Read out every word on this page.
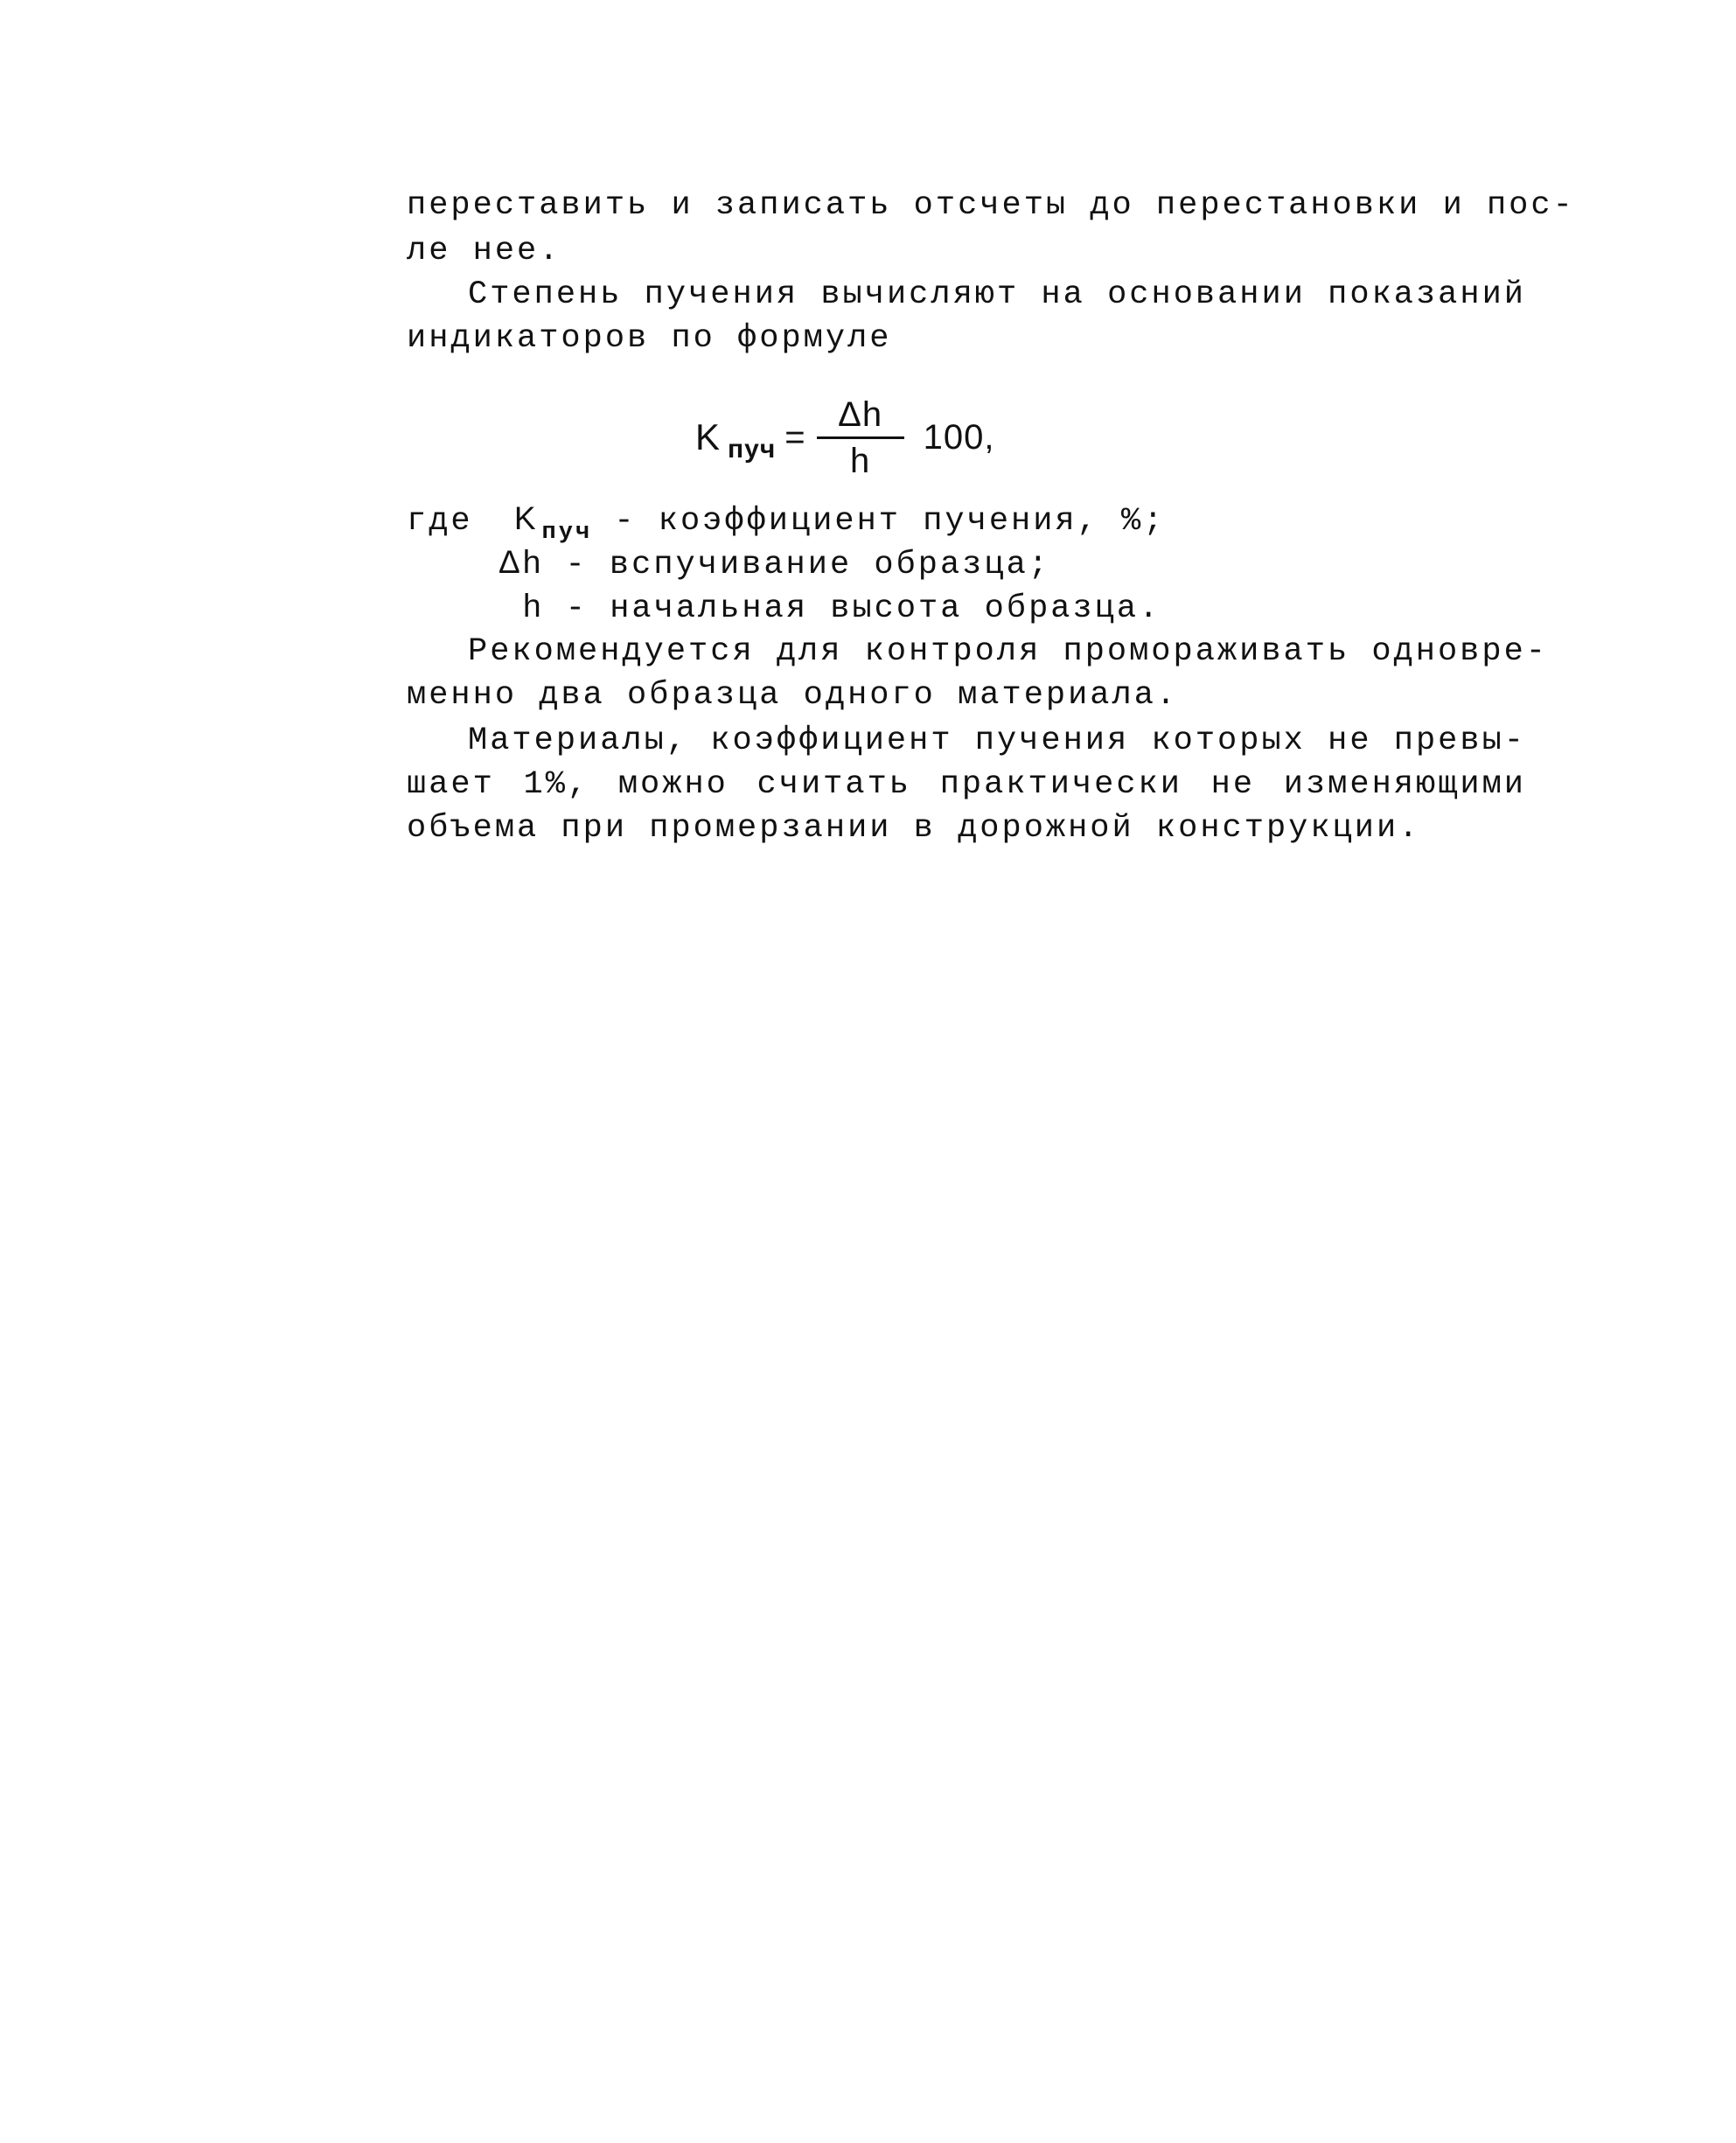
переставить и записать отсчеты до перестановки и пос-
ле нее.
Степень пучения вычисляют на основании показаний
индикаторов по формуле
K пуч = $\frac{\Delta h}{h} 100$,
где K $_{пуч}$ - коэффициент пучения, %;
Δh - вспучивание образца;
h - начальная высота образца.
Рекомендуется для контроля промораживать одновре-
менно два образца одного материала.
Материалы, коэффициент пучения которых не превы-
шает 1%, можно считать практически не изменяющими
объема при промерзании в дорожной конструкции.
